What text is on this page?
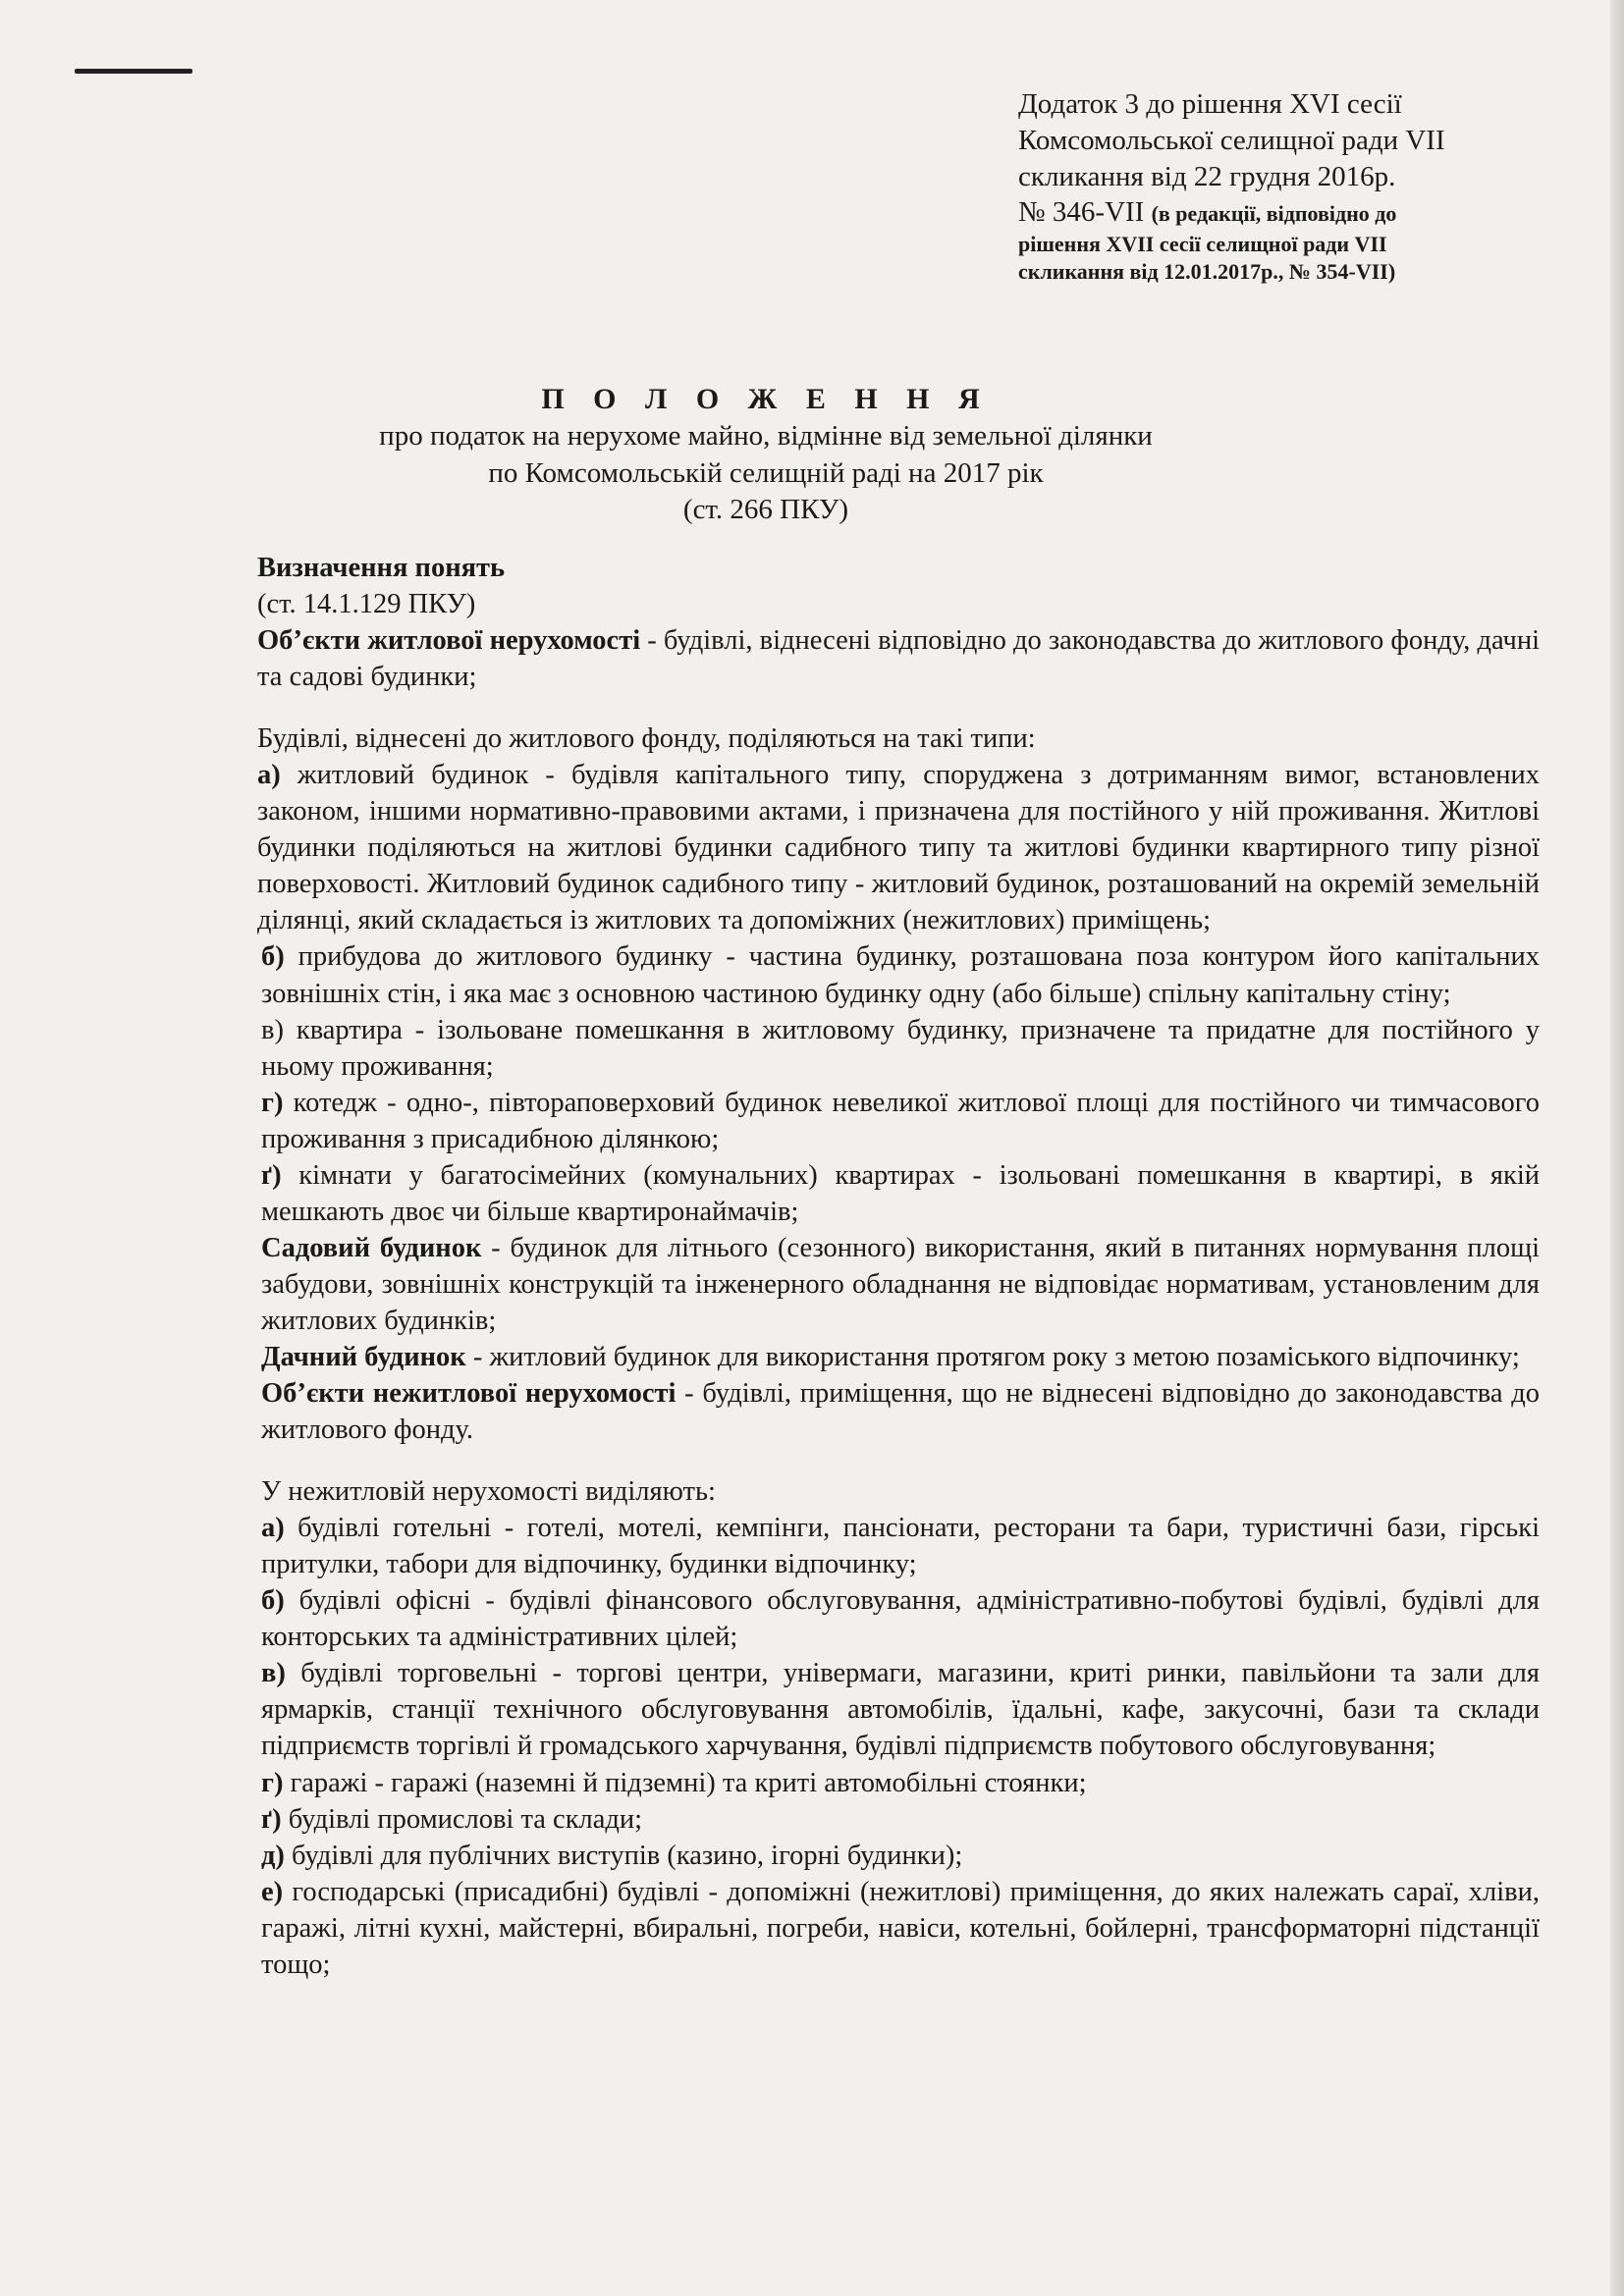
Додаток 3 до рішення XVI сесії
Комсомольської селищної ради VII
скликання від 22 грудня 2016р.
№ 346-VII (в редакції, відповідно до
рішення XVII сесії селищної ради VII
скликання від 12.01.2017р., № 354-VII)
П О Л О Ж Е Н Н Я
про податок на нерухоме майно, відмінне від земельної ділянки
по Комсомольській селищній раді на 2017 рік
(ст. 266 ПКУ)

Визначення понять

(ст. 14.1.129 ПКУ)

Об’єкти житлової нерухомості - будівлі, віднесені відповідно до законодавства до житлового фонду, дачні та садові будинки;

Будівлі, віднесені до житлового фонду, поділяються на такі типи:

а) житловий будинок - будівля капітального типу, споруджена з дотриманням вимог, встановлених законом, іншими нормативно-правовими актами, і призначена для постійного у ній проживання. Житлові будинки поділяються на житлові будинки садибного типу та житлові будинки квартирного типу різної поверховості. Житловий будинок садибного типу - житловий будинок, розташований на окремій земельній ділянці, який складається із житлових та допоміжних (нежитлових) приміщень;

б) прибудова до житлового будинку - частина будинку, розташована поза контуром його капітальних зовнішніх стін, і яка має з основною частиною будинку одну (або більше) спільну капітальну стіну;

в) квартира - ізольоване помешкання в житловому будинку, призначене та придатне для постійного у ньому проживання;

г) котедж - одно-, півтораповерховий будинок невеликої житлової площі для постійного чи тимчасового проживання з присадибною ділянкою;

ґ) кімнати у багатосімейних (комунальних) квартирах - ізольовані помешкання в квартирі, в якій мешкають двоє чи більше квартиронаймачів;

Садовий будинок - будинок для літнього (сезонного) використання, який в питаннях нормування площі забудови, зовнішніх конструкцій та інженерного обладнання не відповідає нормативам, установленим для житлових будинків;

Дачний будинок - житловий будинок для використання протягом року з метою позаміського відпочинку;

Об’єкти нежитлової нерухомості - будівлі, приміщення, що не віднесені відповідно до законодавства до житлового фонду.

У нежитловій нерухомості виділяють:

а) будівлі готельні - готелі, мотелі, кемпінги, пансіонати, ресторани та бари, туристичні бази, гірські притулки, табори для відпочинку, будинки відпочинку;

б) будівлі офісні - будівлі фінансового обслуговування, адміністративно-побутові будівлі, будівлі для конторських та адміністративних цілей;

в) будівлі торговельні - торгові центри, універмаги, магазини, криті ринки, павільйони та зали для ярмарків, станції технічного обслуговування автомобілів, їдальні, кафе, закусочні, бази та склади підприємств торгівлі й громадського харчування, будівлі підприємств побутового обслуговування;

г) гаражі - гаражі (наземні й підземні) та криті автомобільні стоянки;

ґ) будівлі промислові та склади;

д) будівлі для публічних виступів (казино, ігорні будинки);

е) господарські (присадибні) будівлі - допоміжні (нежитлові) приміщення, до яких належать сараї, хліви, гаражі, літні кухні, майстерні, вбиральні, погреби, навіси, котельні, бойлерні, трансформаторні підстанції тощо;
